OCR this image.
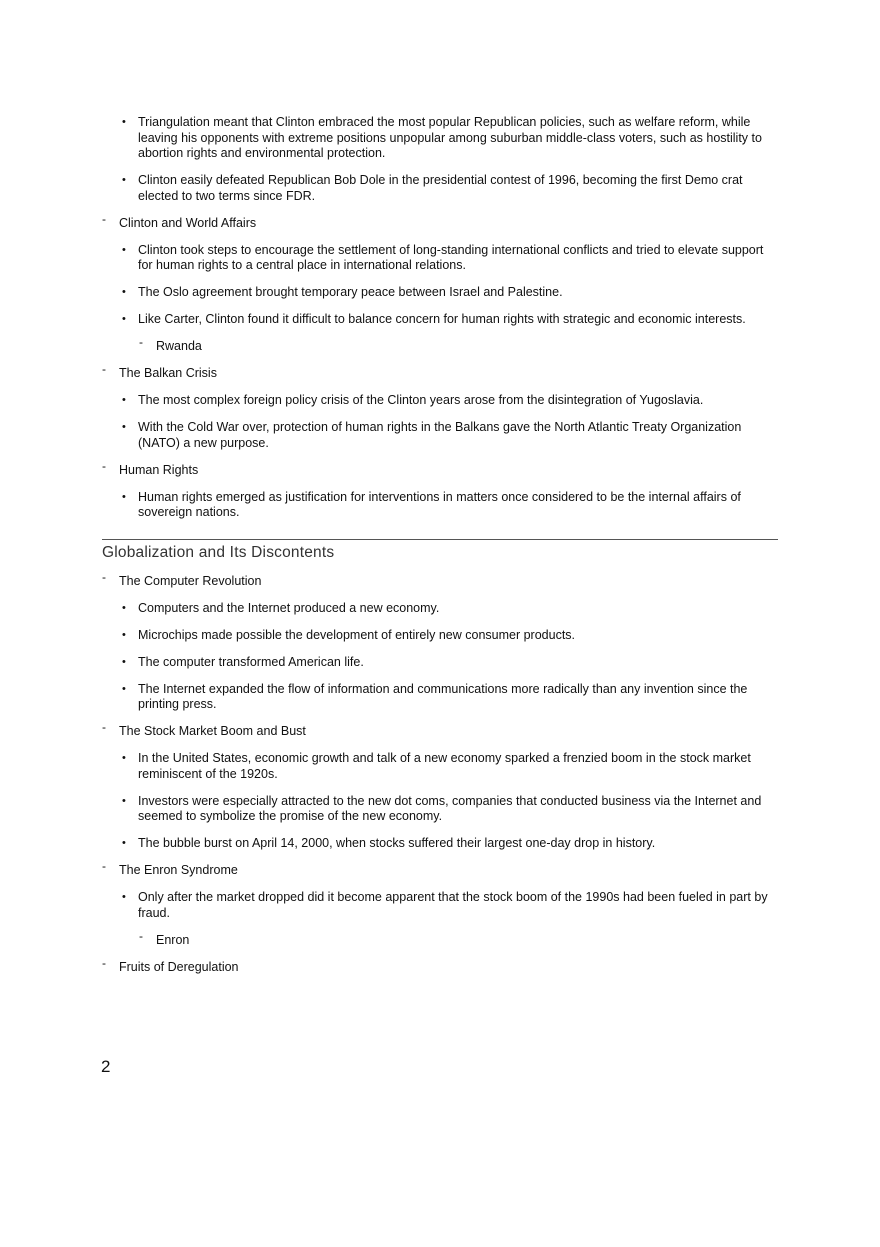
• Triangulation meant that Clinton embraced the most popular Republican policies, such as welfare reform, while leaving his opponents with extreme positions unpopular among suburban middle-class voters, such as hostility to abortion rights and environmental protection.
• Clinton easily defeated Republican Bob Dole in the presidential contest of 1996, becoming the first Demo crat elected to two terms since FDR.
- Clinton and World Affairs
• Clinton took steps to encourage the settlement of long-standing international conflicts and tried to elevate support for human rights to a central place in international relations.
• The Oslo agreement brought temporary peace between Israel and Palestine.
• Like Carter, Clinton found it difficult to balance concern for human rights with strategic and economic interests.
- Rwanda
- The Balkan Crisis
• The most complex foreign policy crisis of the Clinton years arose from the disintegration of Yugoslavia.
• With the Cold War over, protection of human rights in the Balkans gave the North Atlantic Treaty Organization (NATO) a new purpose.
- Human Rights
• Human rights emerged as justification for interventions in matters once considered to be the internal affairs of sovereign nations.
Globalization and Its Discontents
- The Computer Revolution
• Computers and the Internet produced a new economy.
• Microchips made possible the development of entirely new consumer products.
• The computer transformed American life.
• The Internet expanded the flow of information and communications more radically than any invention since the printing press.
- The Stock Market Boom and Bust
• In the United States, economic growth and talk of a new economy sparked a frenzied boom in the stock market reminiscent of the 1920s.
• Investors were especially attracted to the new dot coms, companies that conducted business via the Internet and seemed to symbolize the promise of the new economy.
• The bubble burst on April 14, 2000, when stocks suffered their largest one-day drop in history.
- The Enron Syndrome
• Only after the market dropped did it become apparent that the stock boom of the 1990s had been fueled in part by fraud.
- Enron
- Fruits of Deregulation
2
